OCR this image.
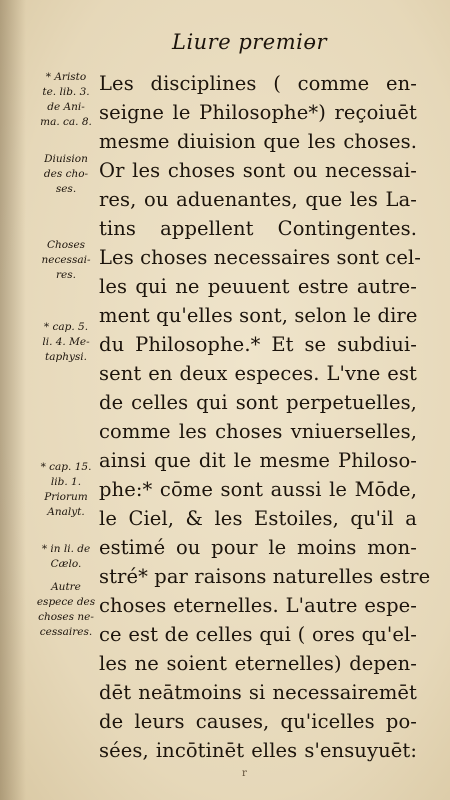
Liure premiɵr
Les disciplines ( comme en-
seigne le Philosophe*) reçoiuēt
mesme diuision que les choses.
Or les choses sont ou necessai-
res, ou aduenantes, que les La-
tins appellent Contingentes.
Les choses necessaires sont cel-
les qui ne peuuent estre autre-
ment qu'elles sont, selon le dire
du Philosophe.* Et se subdiui-
sent en deux especes. L'vne est
de celles qui sont perpetuelles,
comme les choses vniuerselles,
ainsi que dit le mesme Philoso-
phe:* cōme sont aussi le Mōde,
le Ciel, & les Estoiles, qu'il a
estimé ou pour le moins mon-
stré* par raisons naturelles estre
choses eternelles. L'autre espe-
ce est de celles qui ( ores qu'el-
les ne soient eternelles) depen-
dēt neātmoins si necessairemēt
de leurs causes, qu'icelles po-
sées, incōtinēt elles s'ensuyuēt:
* Aristo
te. lib. 3.
de Ani-
ma. ca. 8.
Diuision
des cho-
ses.
Choses
necessai-
res.
* cap. 5.
li. 4. Me-
taphysi.
* cap. 15.
lib. 1.
Priorum
Analyt.
* in li. de
Cælo.
Autre
espece des
choses ne-
cessaires.
r
